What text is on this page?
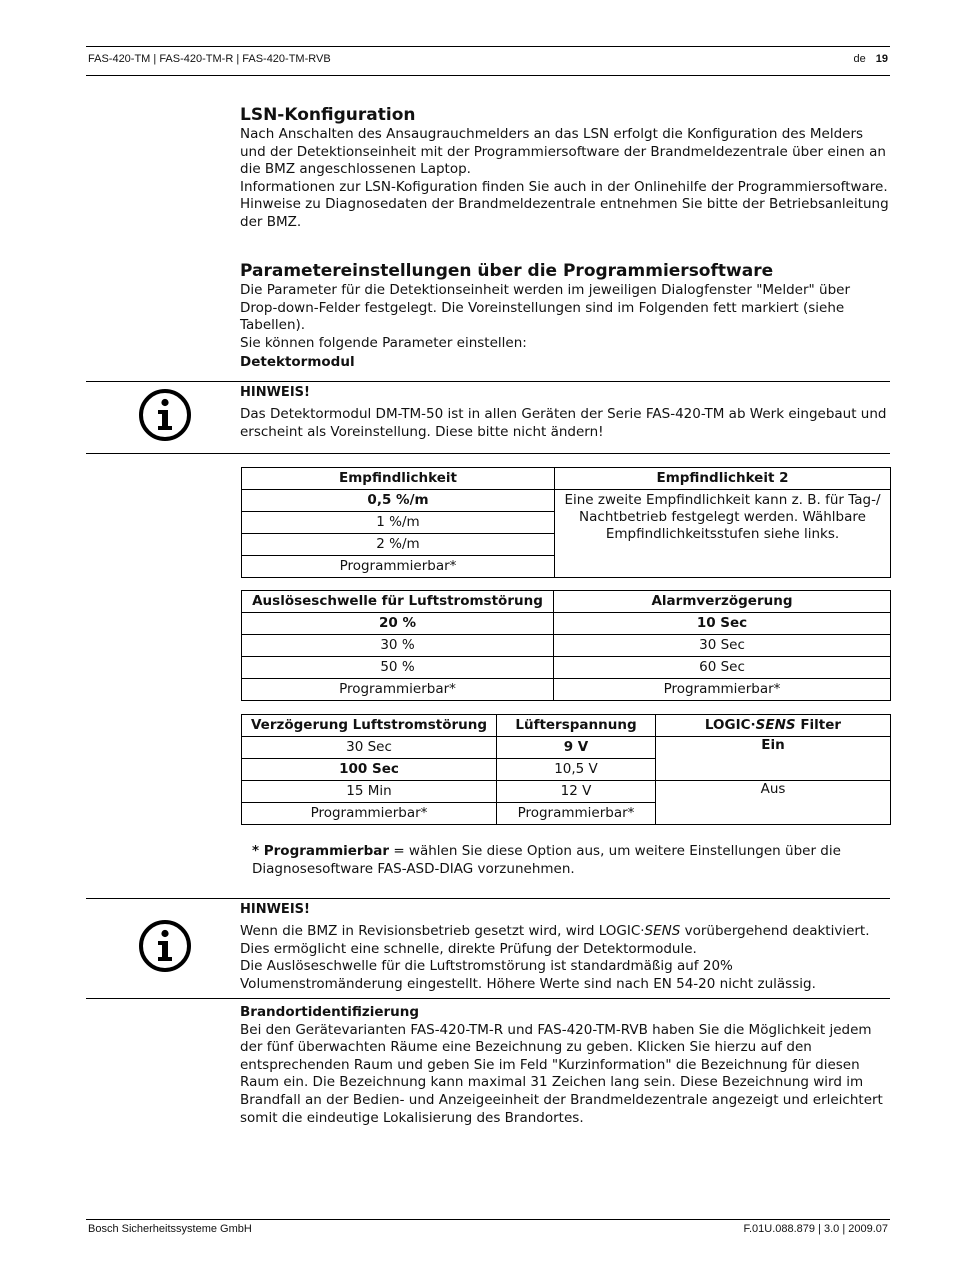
FAS-420-TM | FAS-420-TM-R | FAS-420-TM-RVB	de 19
LSN-Konfiguration

Nach Anschalten des Ansaugrauchmelders an das LSN erfolgt die Konfiguration des Melders und der Detektionseinheit mit der Programmiersoftware der Brandmeldezentrale über einen an die BMZ angeschlossenen Laptop.

Informationen zur LSN-Kofiguration finden Sie auch in der Onlinehilfe der Programmiersoftware.

Hinweise zu Diagnosedaten der Brandmeldezentrale entnehmen Sie bitte der Betriebsanleitung der BMZ.

Parametereinstellungen über die Programmiersoftware

Die Parameter für die Detektionseinheit werden im jeweiligen Dialogfenster "Melder" über Drop-down-Felder festgelegt. Die Voreinstellungen sind im Folgenden fett markiert (siehe Tabellen).

Sie können folgende Parameter einstellen:

Detektormodul
HINWEIS!

Das Detektormodul DM-TM-50 ist in allen Geräten der Serie FAS-420-TM ab Werk eingebaut und erscheint als Voreinstellung. Diese bitte nicht ändern!

Empfindlichkeit	Empfindlichkeit 2
0,5 %/m	Eine zweite Empfindlichkeit kann z. B. für Tag-/ Nachtbetrieb festgelegt werden. Wählbare Empfindlichkeitsstufen siehe links.
1 %/m	
2 %/m	
Programmierbar*	
Auslöseschwelle für Luftstromstörung	Alarmverzögerung
20 %	10 Sec
30 %	30 Sec
50 %	60 Sec
Programmierbar*	Programmierbar*
Verzögerung Luftstromstörung	Lüfterspannung	LOGIC·SENS Filter
30 Sec	9 V	Ein
100 Sec	10,5 V	
15 Min	12 V	Aus
Programmierbar*	Programmierbar*	
* Programmierbar = wählen Sie diese Option aus, um weitere Einstellungen über die Diagnosesoftware FAS-ASD-DIAG vorzunehmen.
HINWEIS!

Wenn die BMZ in Revisionsbetrieb gesetzt wird, wird LOGIC·SENS vorübergehend deaktiviert. Dies ermöglicht eine schnelle, direkte Prüfung der Detektormodule.

Die Auslöseschwelle für die Luftstromstörung ist standardmäßig auf 20% Volumenstromänderung eingestellt. Höhere Werte sind nach EN 54-20 nicht zulässig.

Brandortidentifizierung

Bei den Gerätevarianten FAS-420-TM-R und FAS-420-TM-RVB haben Sie die Möglichkeit jedem der fünf überwachten Räume eine Bezeichnung zu geben. Klicken Sie hierzu auf den entsprechenden Raum und geben Sie im Feld "Kurzinformation" die Bezeichnung für diesen Raum ein. Die Bezeichnung kann maximal 31 Zeichen lang sein. Diese Bezeichnung wird im Brandfall an der Bedien- und Anzeigeeinheit der Brandmeldezentrale angezeigt und erleichtert somit die eindeutige Lokalisierung des Brandortes.

Bosch Sicherheitssysteme GmbH	F.01U.088.879 | 3.0 | 2009.07
